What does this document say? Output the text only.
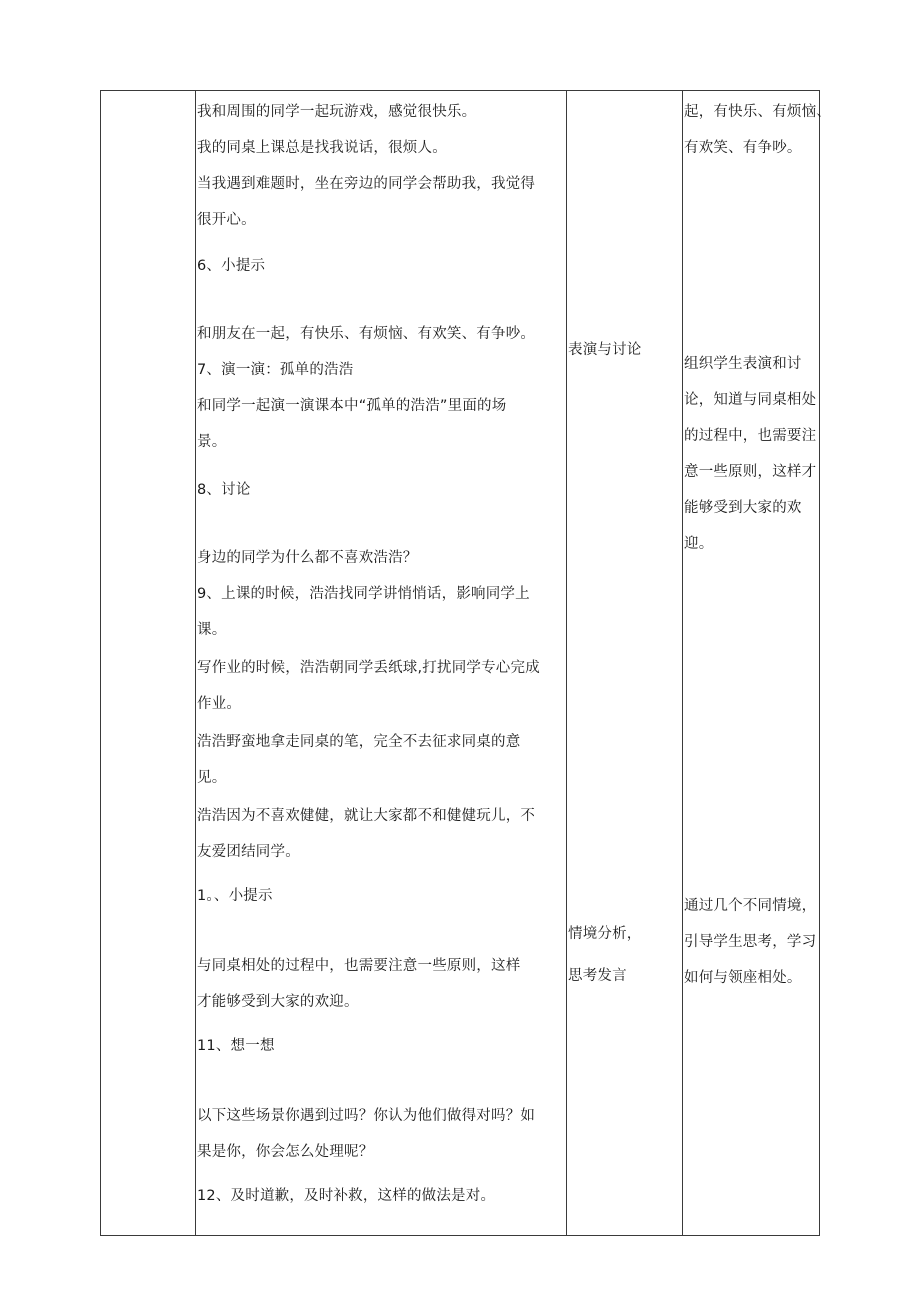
我和周围的同学一起玩游戏，感觉很快乐。
我的同桌上课总是找我说话，很烦人。
当我遇到难题时，坐在旁边的同学会帮助我，我觉得
很开心。
6、小提示
和朋友在一起，有快乐、有烦恼、有欢笑、有争吵。
7、演一演：孤单的浩浩
和同学一起演一演课本中“孤单的浩浩”里面的场
景。
8、讨论
身边的同学为什么都不喜欢浩浩？
9、上课的时候，浩浩找同学讲悄悄话，影响同学上
课。
写作业的时候，浩浩朝同学丢纸球,打扰同学专心完成
作业。
浩浩野蛮地拿走同桌的笔，完全不去征求同桌的意
见。
浩浩因为不喜欢健健，就让大家都不和健健玩儿，不
友爱团结同学。
1。、小提示
与同桌相处的过程中，也需要注意一些原则，这样
才能够受到大家的欢迎。
11、想一想
以下这些场景你遇到过吗？你认为他们做得对吗？如
果是你，你会怎么处理呢？
12、及时道歉，及时补救，这样的做法是对。
表演与讨论
情境分析，
思考发言
起，有快乐、有烦恼、
有欢笑、有争吵。
组织学生表演和讨
论，知道与同桌相处
的过程中，也需要注
意一些原则，这样才
能够受到大家的欢
迎。
通过几个不同情境，
引导学生思考，学习
如何与领座相处。
